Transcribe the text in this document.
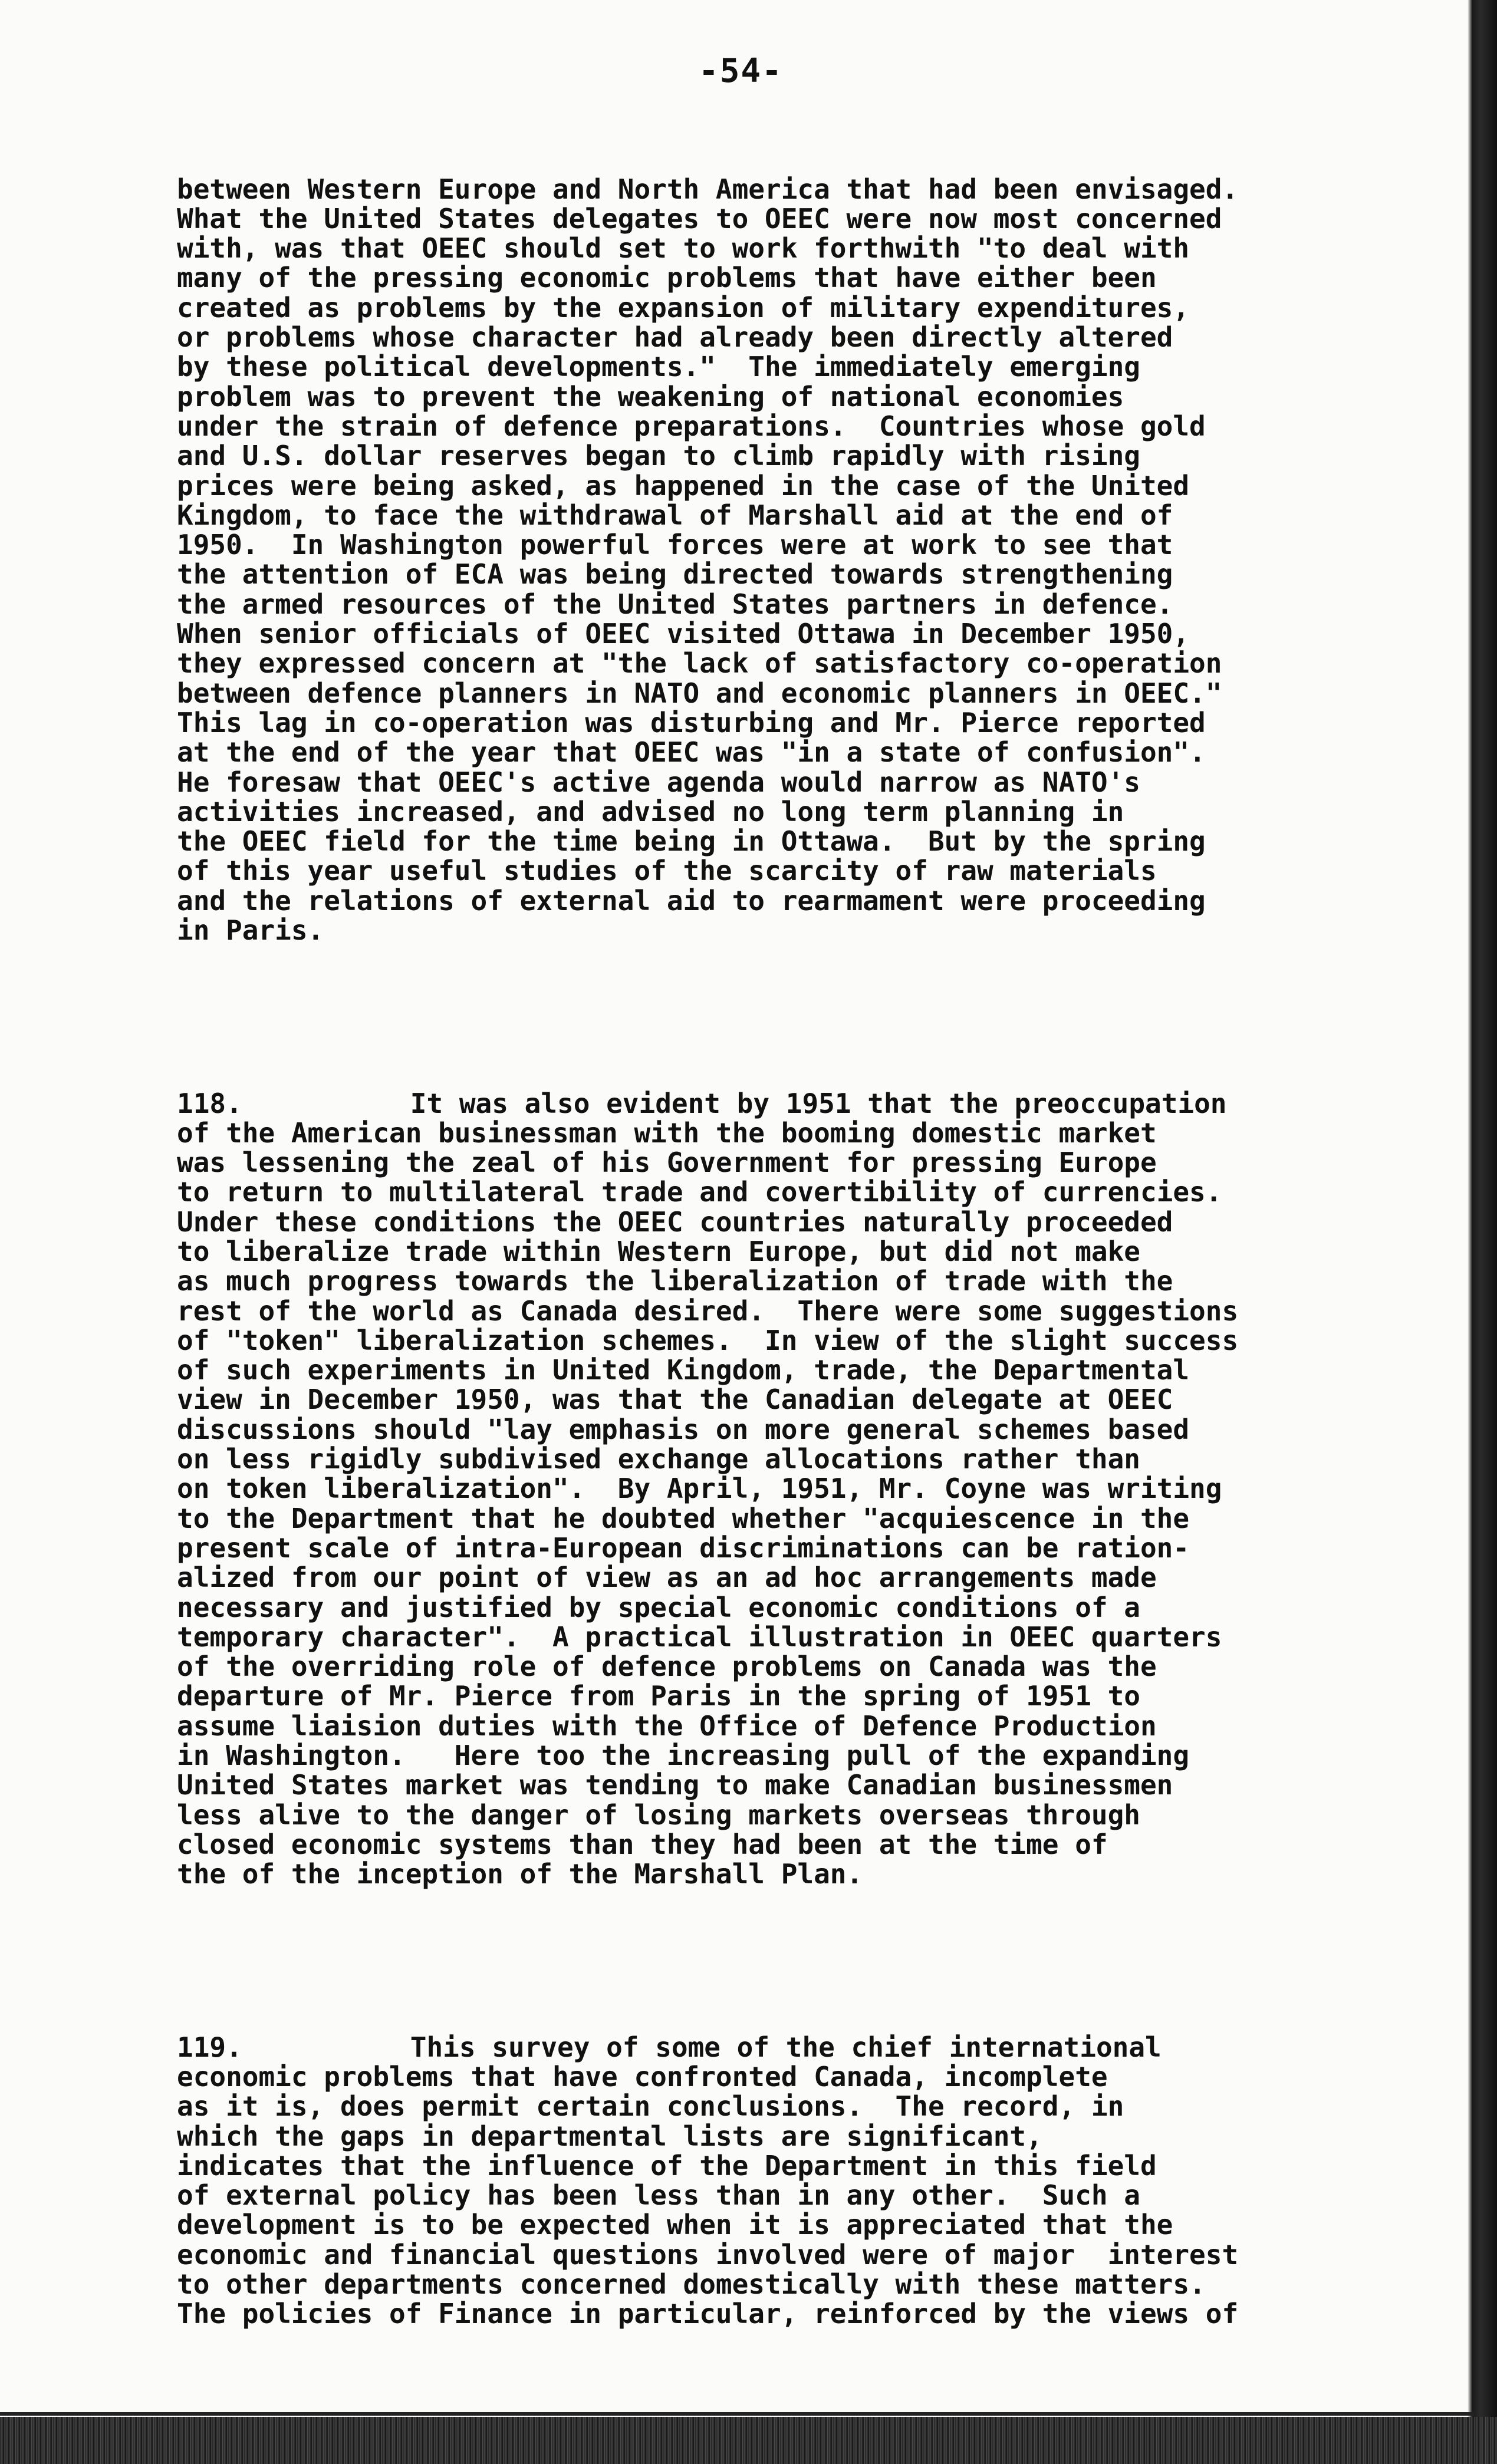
-54-

between Western Europe and North America that had been envisaged.
What the United States delegates to OEEC were now most concerned
with, was that OEEC should set to work forthwith "to deal with
many of the pressing economic problems that have either been
created as problems by the expansion of military expenditures,
or problems whose character had already been directly altered
by these political developments."  The immediately emerging
problem was to prevent the weakening of national economies
under the strain of defence preparations.  Countries whose gold
and U.S. dollar reserves began to climb rapidly with rising
prices were being asked, as happened in the case of the United
Kingdom, to face the withdrawal of Marshall aid at the end of
1950.  In Washington powerful forces were at work to see that
the attention of ECA was being directed towards strengthening
the armed resources of the United States partners in defence.
When senior officials of OEEC visited Ottawa in December 1950,
they expressed concern at "the lack of satisfactory co-operation
between defence planners in NATO and economic planners in OEEC."
This lag in co-operation was disturbing and Mr. Pierce reported
at the end of the year that OEEC was "in a state of confusion".
He foresaw that OEEC's active agenda would narrow as NATO's
activities increased, and advised no long term planning in
the OEEC field for the time being in Ottawa.  But by the spring
of this year useful studies of the scarcity of raw materials
and the relations of external aid to rearmament were proceeding
in Paris.

118.	It was also evident by 1951 that the preoccupation
of the American businessman with the booming domestic market
was lessening the zeal of his Government for pressing Europe
to return to multilateral trade and covertibility of currencies.
Under these conditions the OEEC countries naturally proceeded
to liberalize trade within Western Europe, but did not make
as much progress towards the liberalization of trade with the
rest of the world as Canada desired.  There were some suggestions
of "token" liberalization schemes.  In view of the slight success
of such experiments in United Kingdom, trade, the Departmental
view in December 1950, was that the Canadian delegate at OEEC
discussions should "lay emphasis on more general schemes based
on less rigidly subdivised exchange allocations rather than
on token liberalization".  By April, 1951, Mr. Coyne was writing
to the Department that he doubted whether "acquiescence in the
present scale of intra-European discriminations can be ration-
alized from our point of view as an ad hoc arrangements made
necessary and justified by special economic conditions of a
temporary character".  A practical illustration in OEEC quarters
of the overriding role of defence problems on Canada was the
departure of Mr. Pierce from Paris in the spring of 1951 to
assume liaision duties with the Office of Defence Production
in Washington.   Here too the increasing pull of the expanding
United States market was tending to make Canadian businessmen
less alive to the danger of losing markets overseas through
closed economic systems than they had been at the time of
the of the inception of the Marshall Plan.

119.	This survey of some of the chief international
economic problems that have confronted Canada, incomplete
as it is, does permit certain conclusions.  The record, in
which the gaps in departmental lists are significant,
indicates that the influence of the Department in this field
of external policy has been less than in any other.  Such a
development is to be expected when it is appreciated that the
economic and financial questions involved were of major  interest
to other departments concerned domestically with these matters.
The policies of Finance in particular, reinforced by the views of
